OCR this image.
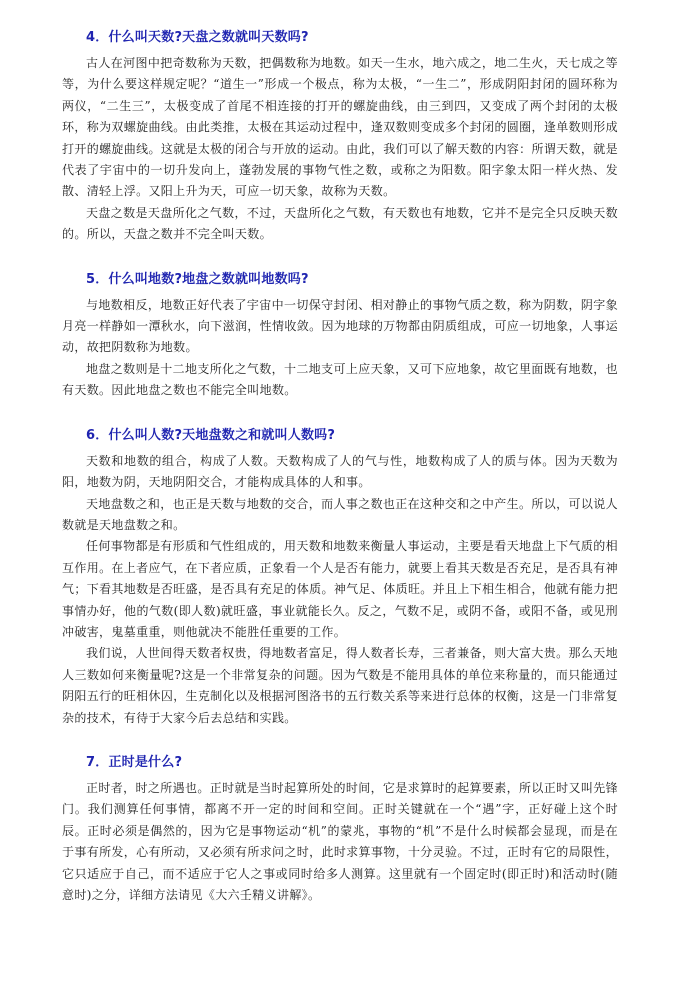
4．什么叫天数?天盘之数就叫天数吗?

古人在河图中把奇数称为天数，把偶数称为地数。如天一生水，地六成之，地二生火，天七成之等等，为什么要这样规定呢？“道生一”形成一个极点，称为太极，“一生二”，形成阴阳封闭的圆环称为两仪，“二生三”，太极变成了首尾不相连接的打开的螺旋曲线，由三到四，又变成了两个封闭的太极环，称为双螺旋曲线。由此类推，太极在其运动过程中，逢双数则变成多个封闭的圆圈，逢单数则形成打开的螺旋曲线。这就是太极的闭合与开放的运动。由此，我们可以了解天数的内容：所谓天数，就是代表了宇宙中的一切升发向上，蓬勃发展的事物气性之数，或称之为阳数。阳字象太阳一样火热、发散、清轻上浮。又阳上升为天，可应一切天象，故称为天数。

天盘之数是天盘所化之气数，不过，天盘所化之气数，有天数也有地数，它并不是完全只反映天数的。所以，天盘之数并不完全叫天数。

5．什么叫地数?地盘之数就叫地数吗?

与地数相反，地数正好代表了宇宙中一切保守封闭、相对静止的事物气质之数，称为阴数，阴字象月亮一样静如一潭秋水，向下滋润，性情收敛。因为地球的万物都由阴质组成，可应一切地象，人事运动，故把阴数称为地数。

地盘之数则是十二地支所化之气数，十二地支可上应天象，又可下应地象，故它里面既有地数，也有天数。因此地盘之数也不能完全叫地数。

6．什么叫人数?天地盘数之和就叫人数吗?

天数和地数的组合，构成了人数。天数构成了人的气与性，地数构成了人的质与体。因为天数为阳，地数为阴，天地阴阳交合，才能构成具体的人和事。

天地盘数之和，也正是天数与地数的交合，而人事之数也正在这种交和之中产生。所以，可以说人数就是天地盘数之和。

任何事物都是有形质和气性组成的，用天数和地数来衡量人事运动，主要是看天地盘上下气质的相互作用。在上者应气，在下者应质，正象看一个人是否有能力，就要上看其天数是否充足，是否具有神气；下看其地数是否旺盛，是否具有充足的体质。神气足、体质旺。并且上下相生相合，他就有能力把事情办好，他的气数(即人数)就旺盛，事业就能长久。反之，气数不足，或阴不备，或阳不备，或见刑冲破害，鬼墓重重，则他就决不能胜任重要的工作。

我们说，人世间得天数者权贵，得地数者富足，得人数者长寿，三者兼备，则大富大贵。那么天地人三数如何来衡量呢?这是一个非常复杂的问题。因为气数是不能用具体的单位来称量的，而只能通过阴阳五行的旺相休囚，生克制化以及根据河图洛书的五行数关系等来进行总体的权衡，这是一门非常复杂的技术，有待于大家今后去总结和实践。

7．正时是什么?

正时者，时之所遇也。正时就是当时起算所处的时间，它是求算时的起算要素，所以正时又叫先锋门。我们测算任何事情，都离不开一定的时间和空间。正时关键就在一个“遇”字，正好碰上这个时辰。正时必须是偶然的，因为它是事物运动“机”的蒙兆，事物的“机”不是什么时候都会显现，而是在于事有所发，心有所动，又必须有所求问之时，此时求算事物，十分灵验。不过，正时有它的局限性，它只适应于自己，而不适应于它人之事或同时给多人测算。这里就有一个固定时(即正时)和活动时(随意时)之分，详细方法请见《大六壬精义讲解》。
